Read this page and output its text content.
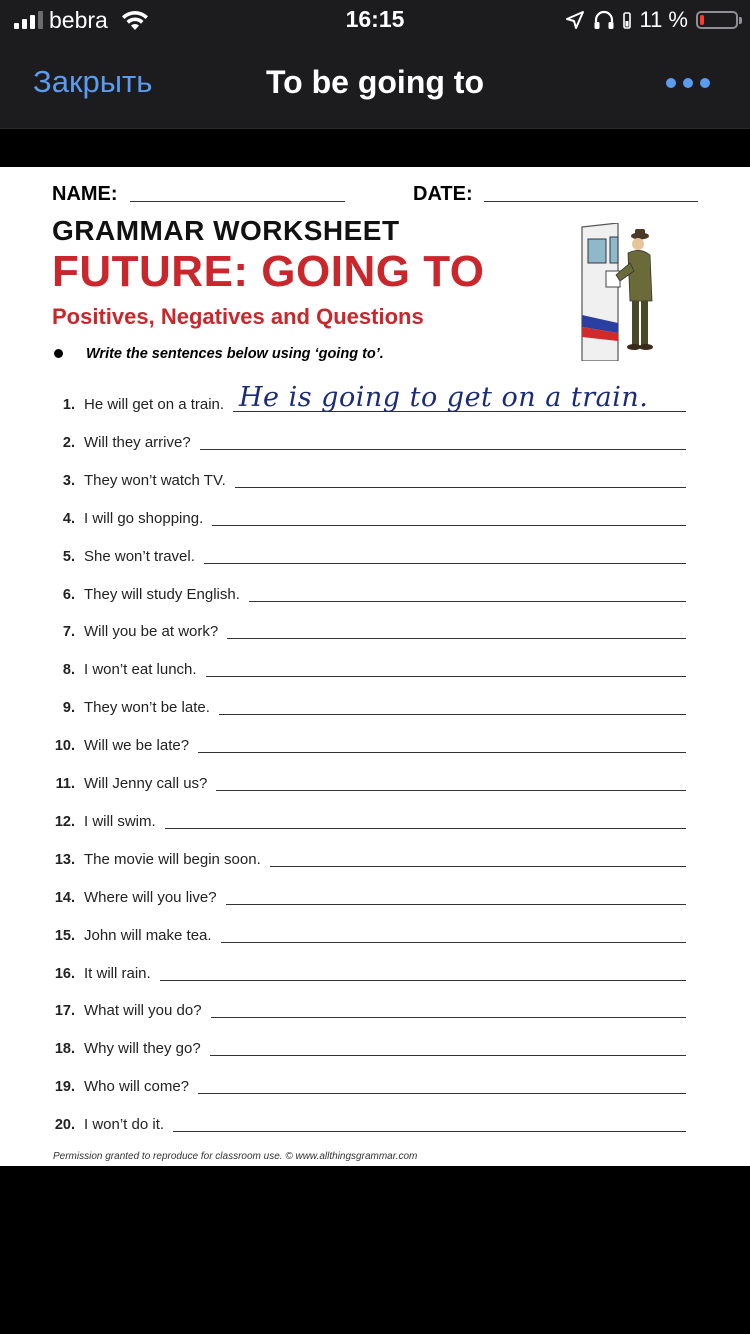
bebra	16:15	11 %
Закрыть	To be going to
NAME:	DATE:
GRAMMAR WORKSHEET
FUTURE: GOING TO
Positives, Negatives and Questions
Write the sentences below using ‘going to’.
1. He will get on a train. He is going to get on a train.
2. Will they arrive?
3. They won’t watch TV.
4. I will go shopping.
5. She won’t travel.
6. They will study English.
7. Will you be at work?
8. I won’t eat lunch.
9. They won’t be late.
10. Will we be late?
11. Will Jenny call us?
12. I will swim.
13. The movie will begin soon.
14. Where will you live?
15. John will make tea.
16. It will rain.
17. What will you do?
18. Why will they go?
19. Who will come?
20. I won’t do it.
Permission granted to reproduce for classroom use. © www.allthingsgrammar.com
